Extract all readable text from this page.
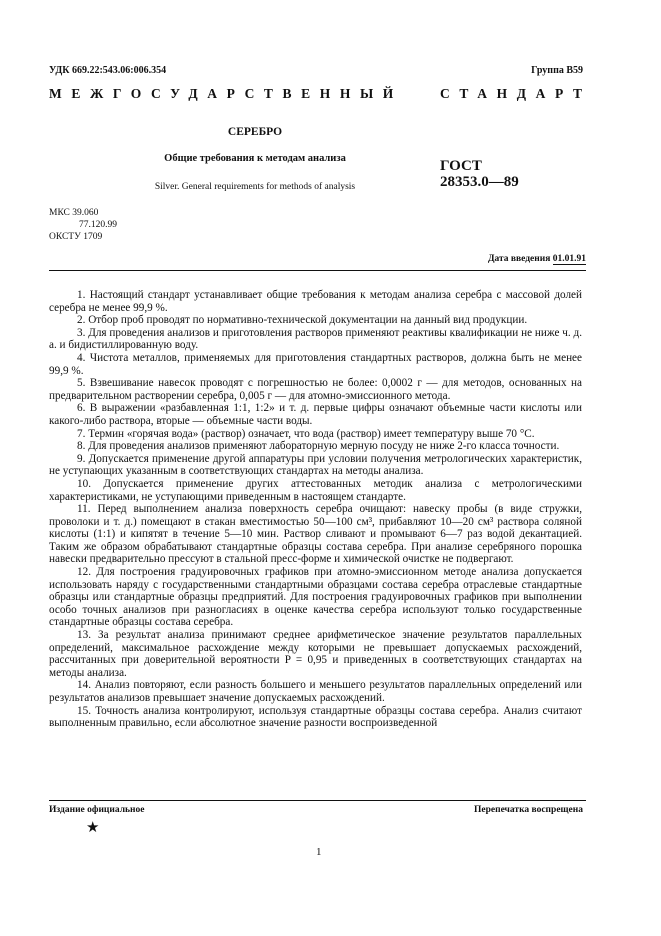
УДК 669.22:543.06:006.354	Группа В59
МЕЖГОСУДАРСТВЕННЫЙ	СТАНДАРТ
СЕРЕБРО
Общие требования к методам анализа
Silver. General requirements for methods of analysis
ГОСТ
28353.0—89
МКС 39.060
77.120.99
ОКСТУ 1709
Дата введения 01.01.91

1. Настоящий стандарт устанавливает общие требования к методам анализа серебра с массовой долей серебра не менее 99,9 %.

2. Отбор проб проводят по нормативно-технической документации на данный вид продукции.

3. Для проведения анализов и приготовления растворов применяют реактивы квалификации не ниже ч. д. а. и бидистиллированную воду.

4. Чистота металлов, применяемых для приготовления стандартных растворов, должна быть не менее 99,9 %.

5. Взвешивание навесок проводят с погрешностью не более: 0,0002 г — для методов, основанных на предварительном растворении серебра, 0,005 г — для атомно-эмиссионного метода.

6. В выражении «разбавленная 1:1, 1:2» и т. д. первые цифры означают объемные части кислоты или какого-либо раствора, вторые — объемные части воды.

7. Термин «горячая вода» (раствор) означает, что вода (раствор) имеет температуру выше 70 °С.

8. Для проведения анализов применяют лабораторную мерную посуду не ниже 2-го класса точности.

9. Допускается применение другой аппаратуры при условии получения метрологических характеристик, не уступающих указанным в соответствующих стандартах на методы анализа.

10. Допускается применение других аттестованных методик анализа с метрологическими характеристиками, не уступающими приведенным в настоящем стандарте.

11. Перед выполнением анализа поверхность серебра очищают: навеску пробы (в виде стружки, проволоки и т. д.) помещают в стакан вместимостью 50—100 см³, прибавляют 10—20 см³ раствора соляной кислоты (1:1) и кипятят в течение 5—10 мин. Раствор сливают и промывают 6—7 раз водой декантацией. Таким же образом обрабатывают стандартные образцы состава серебра. При анализе серебряного порошка навески предварительно прессуют в стальной пресс-форме и химической очистке не подвергают.

12. Для построения градуировочных графиков при атомно-эмиссионном методе анализа допускается использовать наряду с государственными стандартными образцами состава серебра отраслевые стандартные образцы или стандартные образцы предприятий. Для построения градуировочных графиков при выполнении особо точных анализов при разногласиях в оценке качества серебра используют только государственные стандартные образцы состава серебра.

13. За результат анализа принимают среднее арифметическое значение результатов параллельных определений, максимальное расхождение между которыми не превышает допускаемых расхождений, рассчитанных при доверительной вероятности P = 0,95 и приведенных в соответствующих стандартах на методы анализа.

14. Анализ повторяют, если разность большего и меньшего результатов параллельных определений или результатов анализов превышает значение допускаемых расхождений.

15. Точность анализа контролируют, используя стандартные образцы состава серебра. Анализ считают выполненным правильно, если абсолютное значение разности воспроизведенной

Издание официальное	Перепечатка воспрещена
★
1
